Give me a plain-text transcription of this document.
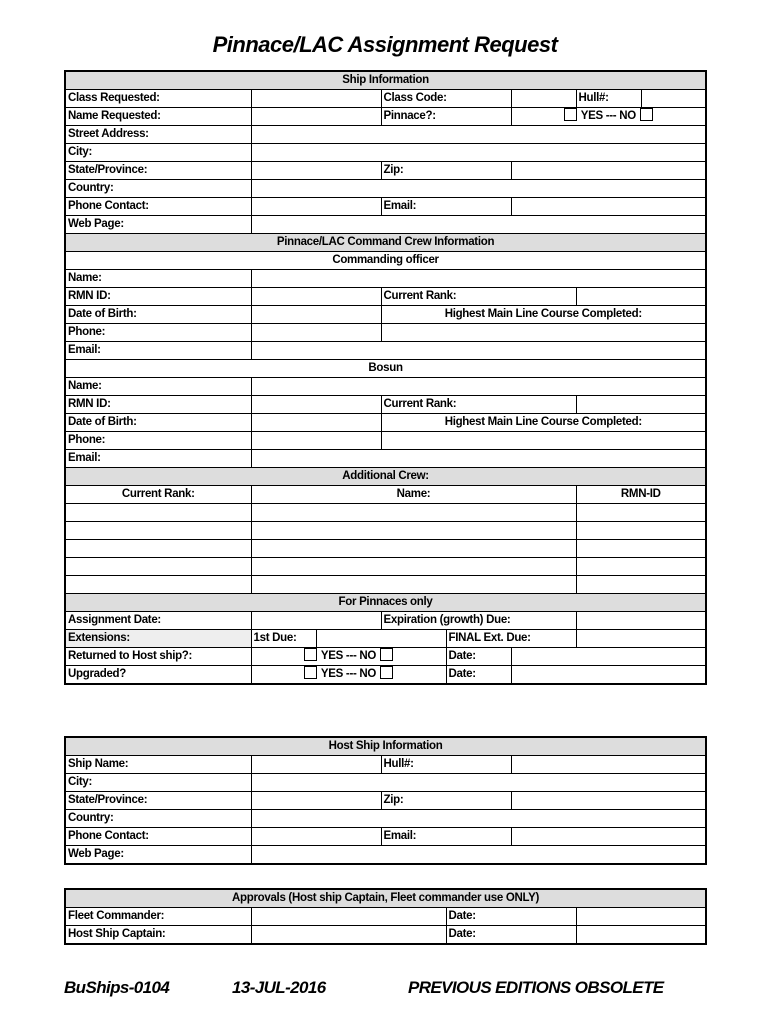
Pinnace/LAC Assignment Request
Ship Information							
Class Requested:			Class Code:			Hull#:	
Name Requested:			Pinnace?:		YES --- NO		
Street Address:							
City:							
State/Province:			Zip:				
Country:							
Phone Contact:			Email:				
Web Page:							
Pinnace/LAC Command Crew Information							
Commanding officer							
Name:							
RMN ID:			Current Rank:				
Date of Birth:			Highest Main Line Course Completed:				
Phone:							
Email:							
Bosun							
Name:							
RMN ID:			Current Rank:				
Date of Birth:			Highest Main Line Course Completed:				
Phone:							
Email:							
Additional Crew:							
Current Rank:	Name:					RMN-ID	

For Pinnaces only							
Assignment Date:			Expiration (growth) Due:				
Extensions:	1st Due:			FINAL Ext. Due:			
Returned to Host ship?:	YES --- NO			Date:			
Upgraded?	YES --- NO			Date:			
Host Ship Information			
Ship Name:		Hull#:	
City:			
State/Province:		Zip:	
Country:			
Phone Contact:		Email:	
Web Page:			
Approvals (Host ship Captain, Fleet commander use ONLY)			
Fleet Commander:		Date:	
Host Ship Captain:		Date:	
BuShips-0104	13-JUL-2016	PREVIOUS EDITIONS OBSOLETE
